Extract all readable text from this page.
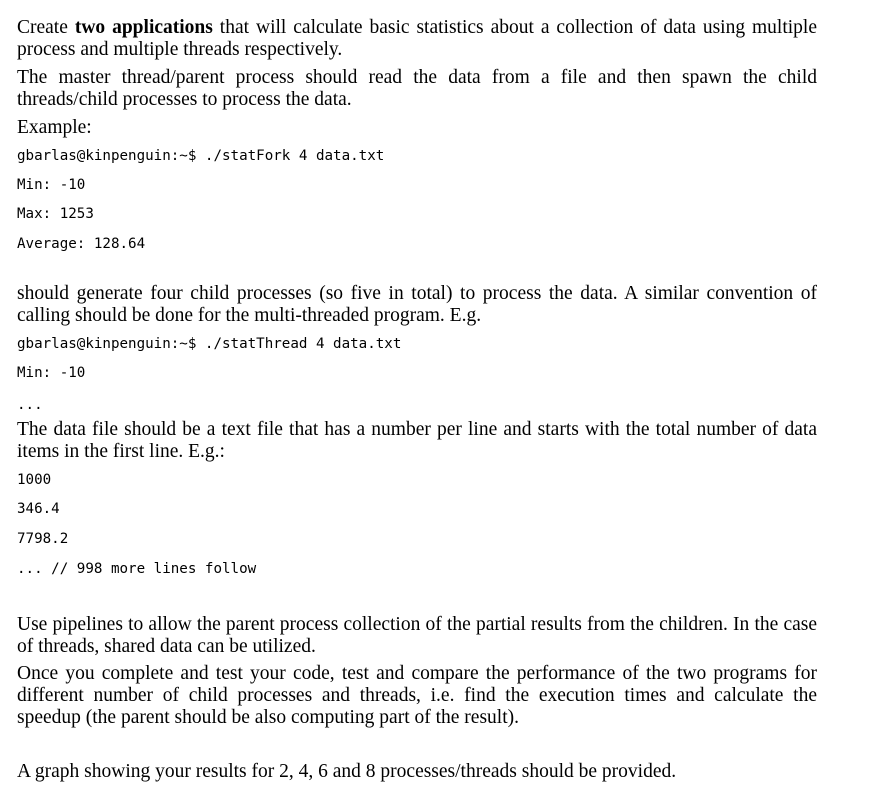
Create two applications that will calculate basic statistics about a collection of data using multiple process and multiple threads respectively.

The master thread/parent process should read the data from a file and then spawn the child threads/child processes to process the data.

Example:

gbarlas@kinpenguin:~$ ./statFork 4 data.txt
Min: -10
Max: 1253
Average: 128.64

should generate four child processes (so five in total) to process the data. A similar convention of calling should be done for the multi-threaded program. E.g.

gbarlas@kinpenguin:~$ ./statThread 4 data.txt
Min: -10
...

The data file should be a text file that has a number per line and starts with the total number of data items in the first line. E.g.:

1000
346.4
7798.2
... // 998 more lines follow

Use pipelines to allow the parent process collection of the partial results from the children. In the case of threads, shared data can be utilized.

Once you complete and test your code, test and compare the performance of the two programs for different number of child processes and threads, i.e. find the execution times and calculate the speedup (the parent should be also computing part of the result).

A graph showing your results for 2, 4, 6 and 8 processes/threads should be provided.
